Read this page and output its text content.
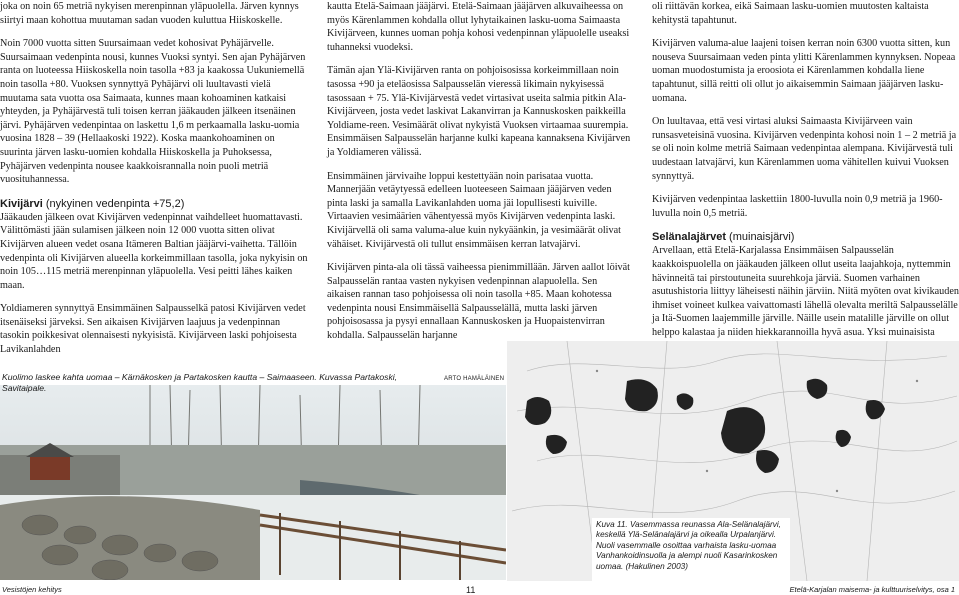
joka on noin 65 metriä nykyisen merenpinnan yläpuolella. Järven kynnys siirtyi maan kohottua muutaman sadan vuoden kuluttua Hiiskoskelle.

Noin 7000 vuotta sitten Suursaimaan vedet kohosivat Pyhäjärvelle. Suursaimaan vedenpinta nousi, kunnes Vuoksi syntyi. Sen ajan Pyhäjärven ranta on luoteessa Hiiskoskella noin tasolla +83 ja kaakossa Uukuniemellä noin tasolla +80. Vuoksen synnyttyä Pyhäjärvi oli luultavasti vielä muutama sata vuotta osa Saimaata, kunnes maan kohoaminen katkaisi yhteyden, ja Pyhäjärvestä tuli toisen kerran jääkauden jälkeen itsenäinen järvi. Pyhäjärven vedenpintaa on laskettu 1,6 m perkaamalla lasku-uomia vuosina 1828 – 39 (Hellaakoski 1922). Koska maankohoaminen on suurinta järven lasku-uomien kohdalla Hiiskoskella ja Puhoksessa, Pyhäjärven vedenpinta nousee kaakkoisrannalla noin puoli metriä vuosituhannessa.

Kivijärvi (nykyinen vedenpinta +75,2)

Jääkauden jälkeen ovat Kivijärven vedenpinnat vaihdelleet huomattavasti. Välittömästi jään sulamisen jälkeen noin 12 000 vuotta sitten olivat Kivijärven alueen vedet osana Itämeren Baltian jääjärvi-vaihetta. Tällöin vedenpinta oli Kivijärven alueella korkeimmillaan tasolla, joka nykyisin on noin 105…115 metriä merenpinnan yläpuolella. Vesi peitti lähes kaiken maan.

Yoldiameren synnyttyä Ensimmäinen Salpausselkä patosi Kivijärven vedet itsenäiseksi järveksi. Sen aikaisen Kivijärven laajuus ja vedenpinnan tasokin poikkesivat olennaisesti nykyisistä. Kivijärveen laski pohjoisesta Lavikanlahden

kautta Etelä-Saimaan jääjärvi. Etelä-Saimaan jääjärven alkuvaiheessa on myös Kärenlammen kohdalla ollut lyhytaikainen lasku-uoma Saimaasta Kivijärveen, kunnes uoman pohja kohosi vedenpinnan yläpuolelle useaksi tuhanneksi vuodeksi.

Tämän ajan Ylä-Kivijärven ranta on pohjoisosissa korkeimmillaan noin tasossa +90 ja eteläosissa Salpausselän vieressä likimain nykyisessä tasossaan + 75. Ylä-Kivijärvestä vedet virtasivat useita salmia pitkin Ala-Kivijärveen, josta vedet laskivat Lakanvirran ja Kannuskosken paikkeilla Yoldiame-reen. Vesimäärät olivat nykyistä Vuoksen virtaamaa suurempia. Ensimmäisen Salpausselän harjanne kulki kapeana kannaksena Kivijärven ja Yoldiameren välissä.

Ensimmäinen järvivaihe loppui kestettyään noin parisataa vuotta. Mannerjään vetäytyessä edelleen luoteeseen Saimaan jääjärven veden pinta laski ja samalla Lavikanlahden uoma jäi lopullisesti kuiville. Virtaavien vesimäärien vähentyessä myös Kivijärven vedenpinta laski. Kivijärvellä oli sama valuma-alue kuin nykyäänkin, ja vesimäärät olivat vähäiset. Kivijärvestä oli tullut ensimmäisen kerran latvajärvi.

Kivijärven pinta-ala oli tässä vaiheessa pienimmillään. Järven aallot löivät Salpausselän rantaa vasten nykyisen vedenpinnan alapuolella. Sen aikaisen rannan taso pohjoisessa oli noin tasolla +85. Maan kohotessa vedenpinta nousi Ensimmäisellä Salpausselällä, mutta laski järven pohjoisosassa ja pysyi ennallaan Kannuskosken ja Huopaistenvirran kohdalla. Salpausselän harjanne

oli riittävän korkea, eikä Saimaan lasku-uomien muutosten kaltaista kehitystä tapahtunut.

Kivijärven valuma-alue laajeni toisen kerran noin 6300 vuotta sitten, kun nouseva Suursaimaan veden pinta ylitti Kärenlammen kynnyksen. Nopeaa uoman muodostumista ja eroosiota ei Kärenlammen kohdalla liene tapahtunut, sillä reitti oli ollut jo aikaisemmin Saimaan jääjärven lasku-uomana.

On luultavaa, että vesi virtasi aluksi Saimaasta Kivijärveen vain runsasveteisinä vuosina. Kivijärven vedenpinta kohosi noin 1 – 2 metriä ja se oli noin kolme metriä Saimaan vedenpintaa alempana. Kivijärvestä tuli uudestaan latvajärvi, kun Kärenlammen uoma vähitellen kuivui Vuoksen synnyttyä.

Kivijärven vedenpintaa laskettiin 1800-luvulla noin 0,9 metriä ja 1960-luvulla noin 0,5 metriä.

Selänalajärvet (muinaisjärvi)

Arvellaan, että Etelä-Karjalassa Ensimmäisen Salpausselän kaakkoispuolella on jääkauden jälkeen ollut useita laajahkoja, nyttemmin hävinneitä tai pirstoutuneita suurehkoja järviä. Suomen varhainen asutushistoria liittyy läheisesti näihin järviin. Niitä myöten ovat kivikauden ihmiset voineet kulkea vaivattomasti lähellä olevalta meriltä Salpausselälle ja Itä-Suomen laajemmille järville. Näille usein matalille järville on ollut helppo kalastaa ja niiden hiekkarannoilla hyvä asua. Yksi muinaisista

Kuolimo laskee kahta uomaa – Kärnäkosken ja Partakosken kautta – Saimaaseen. Kuvassa Partakoski, Savitaipale.
ARTO HAMÄLÄINEN
Kuva 11. Vasemmassa reunassa Ala-Selänalajärvi, keskellä Ylä-Selänalajärvi ja oikealla Urpalanjärvi. Nuoli vasemmalle osoittaa varhaista lasku-uomaa Vanhankoidinsuolla ja alempi nuoli Kasarinkosken uomaa. (Hakulinen 2003)
Vesistöjen kehitys	11	Etelä-Karjalan maisema- ja kulttuuriselvitys, osa 1
